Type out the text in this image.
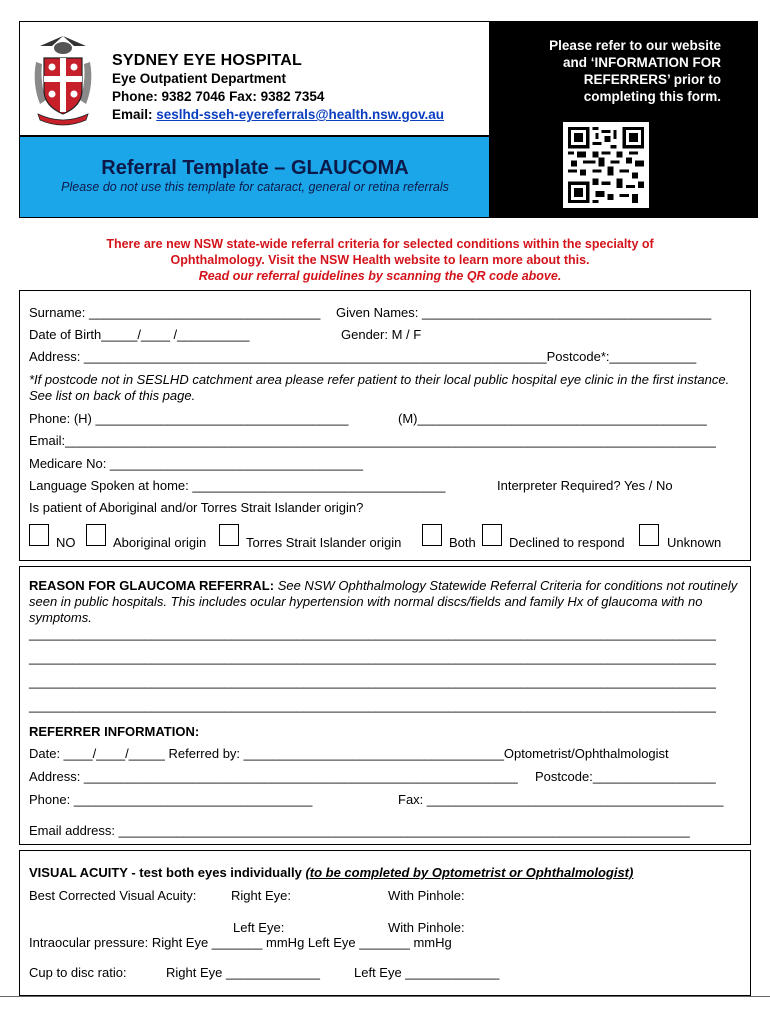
SYDNEY EYE HOSPITAL
Eye Outpatient Department
Phone: 9382 7046 Fax: 9382 7354
Email: seslhd-sseh-eyereferrals@health.nsw.gov.au
Referral Template – GLAUCOMA
Please do not use this template for cataract, general or retina referrals
Please refer to our website
and ‘INFORMATION FOR
REFERRERS’ prior to
completing this form.
There are new NSW state-wide referral criteria for selected conditions within the specialty of
Ophthalmology. Visit the NSW Health website to learn more about this.
Read our referral guidelines by scanning the QR code above.
Surname: ________________________________ Given Names: ________________________________________
Date of Birth_____/____ /__________	Gender: M / F
Address: ________________________________________________________________Postcode*:____________
*If postcode not in SESLHD catchment area please refer patient to their local public hospital eye clinic in the first instance. See list on back of this page.
Phone: (H) ___________________________________	(M)________________________________________
Email:__________________________________________________________________________________________
Medicare No: ___________________________________
Language Spoken at home: ___________________________________	Interpreter Required? Yes / No
Is patient of Aboriginal and/or Torres Strait Islander origin?
NO	Aboriginal origin	Torres Strait Islander origin	Both	Declined to respond	Unknown
REASON FOR GLAUCOMA REFERRAL: See NSW Ophthalmology Statewide Referral Criteria for conditions not routinely seen in public hospitals. This includes ocular hypertension with normal discs/fields and family Hx of glaucoma with no symptoms.
_______________________________________________________________________________________________
_______________________________________________________________________________________________
_______________________________________________________________________________________________
_______________________________________________________________________________________________
REFERRER INFORMATION:
Date: ____/____/_____ Referred by: ____________________________________Optometrist/Ophthalmologist
Address: ____________________________________________________________ Postcode:_________________
Phone: _________________________________	Fax: _________________________________________
Email address: _______________________________________________________________________________
VISUAL ACUITY - test both eyes individually (to be completed by Optometrist or Ophthalmologist)
Best Corrected Visual Acuity:	Right Eye:	With Pinhole:
Left Eye:	With Pinhole:
Intraocular pressure: Right Eye _______ mmHg Left Eye _______ mmHg
Cup to disc ratio:	Right Eye _____________	Left Eye _____________
